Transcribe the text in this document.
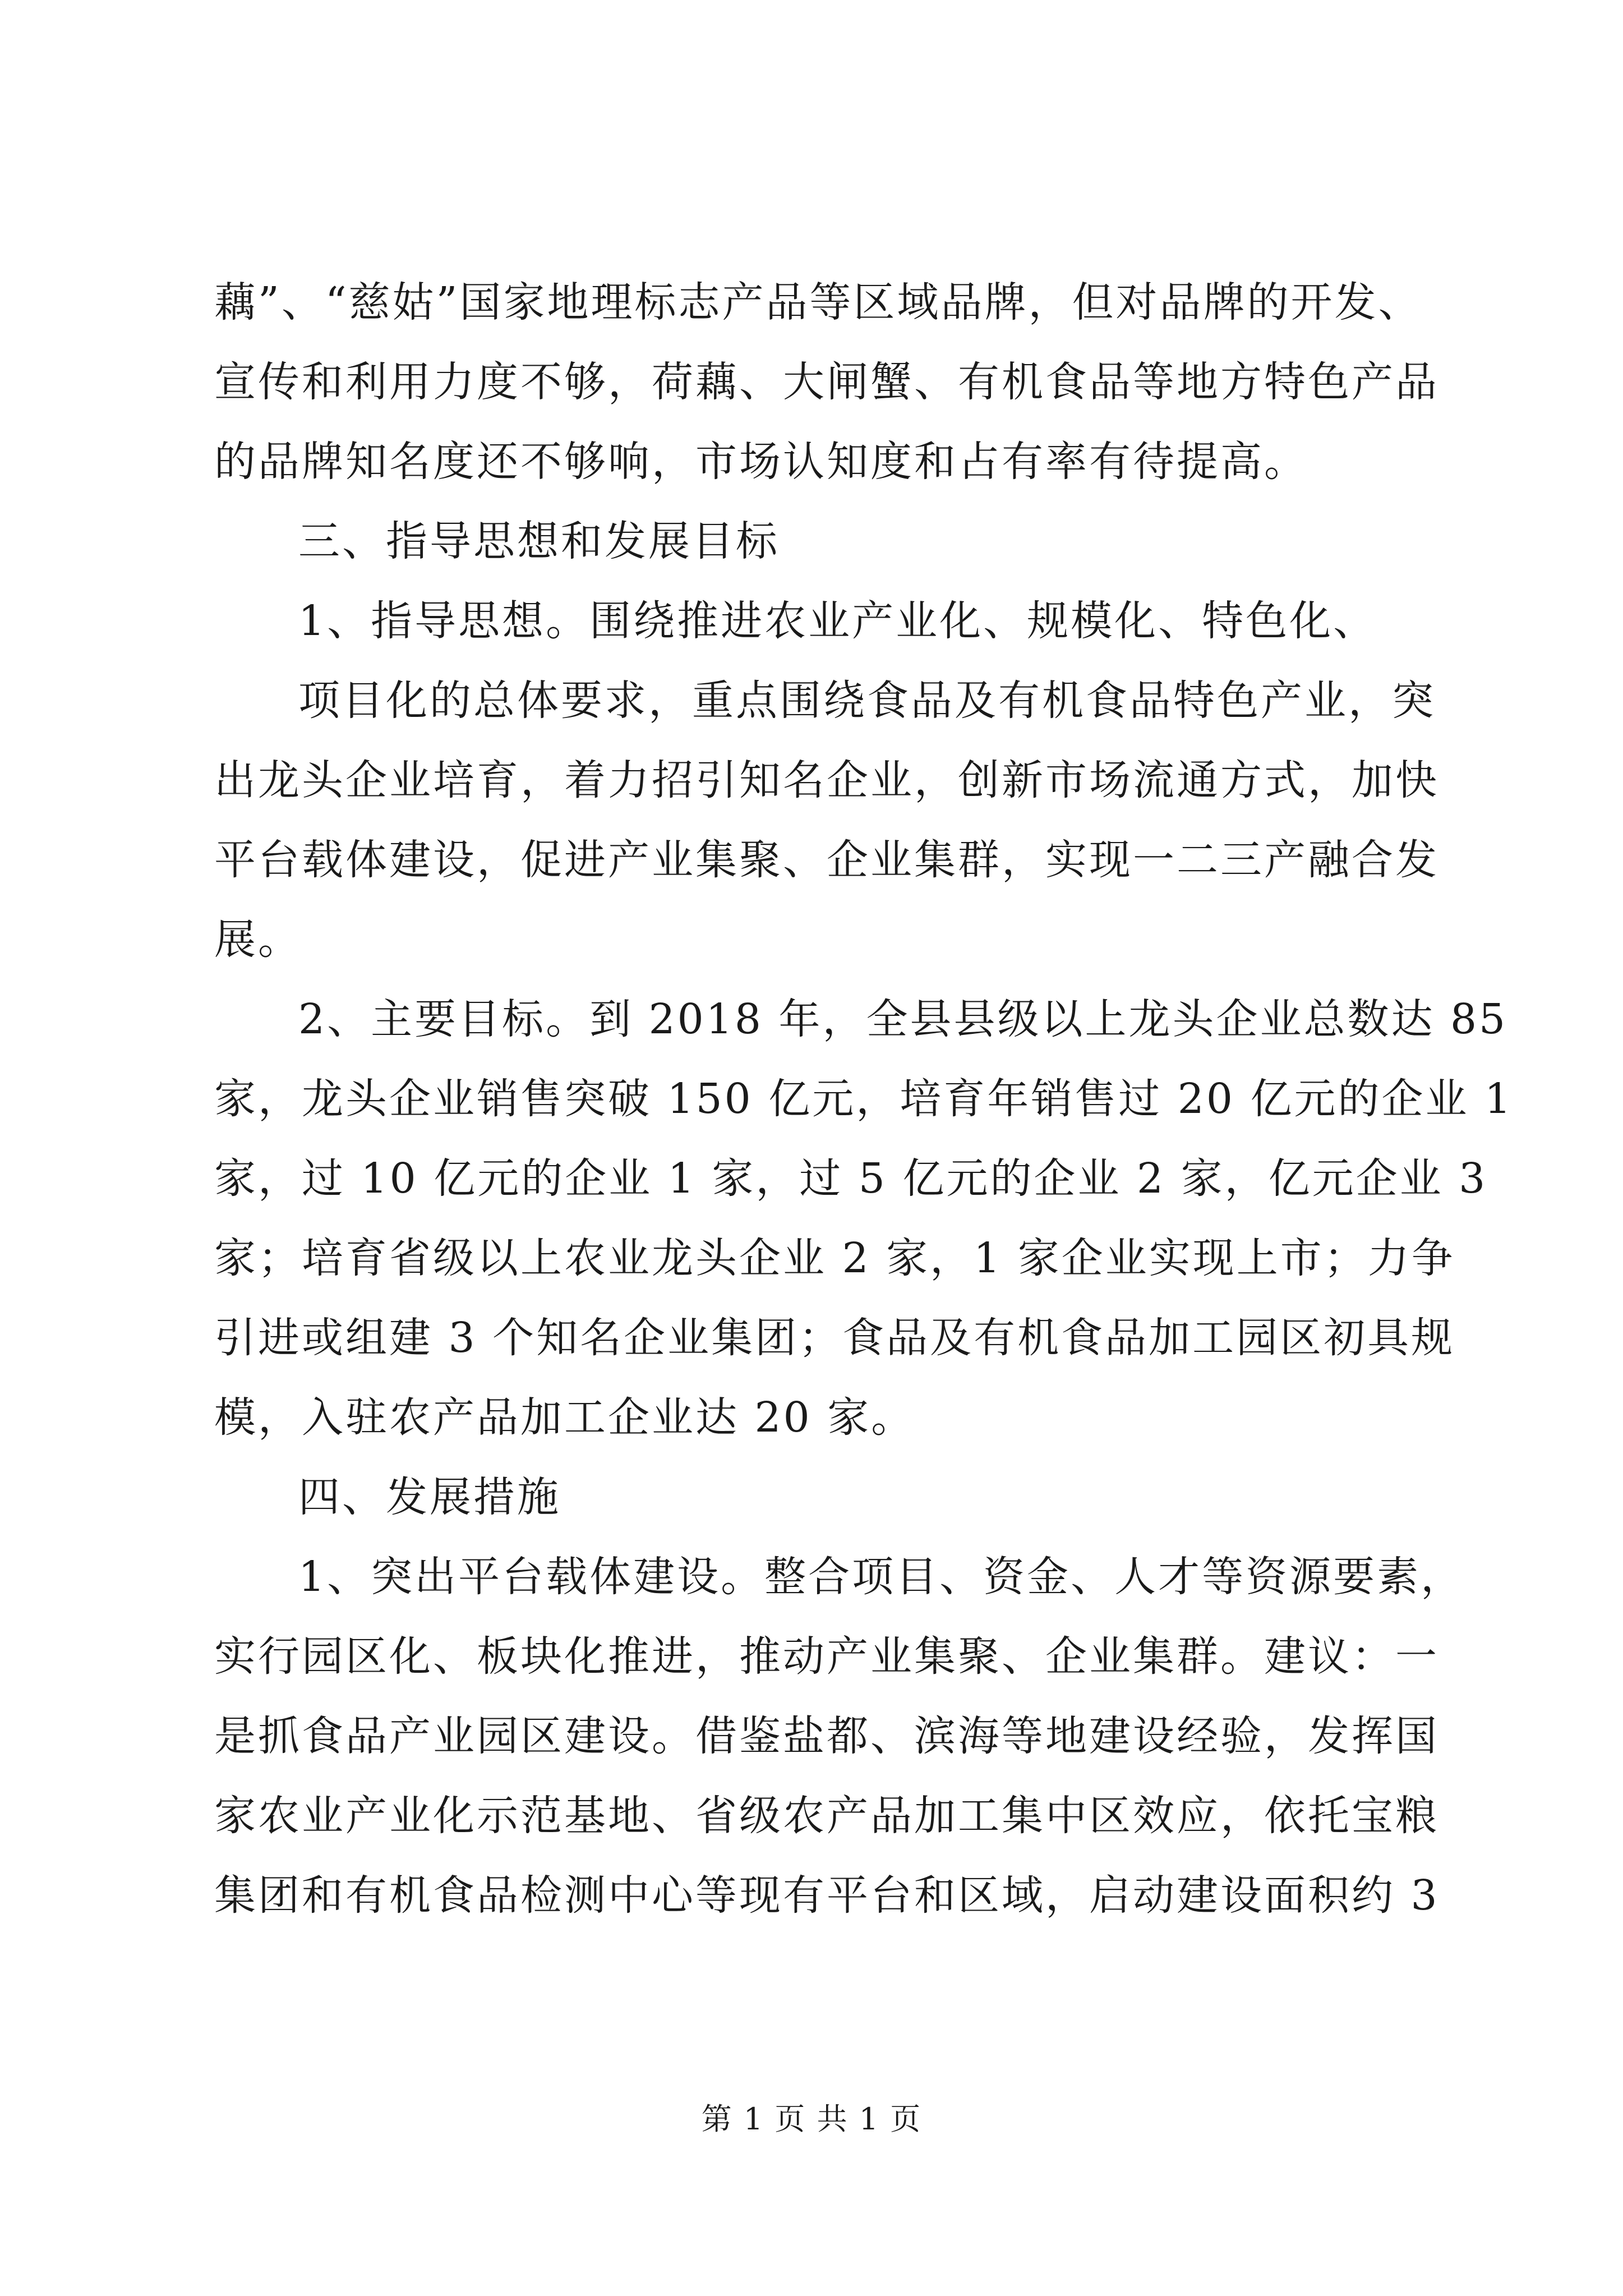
藕”、“慈姑”国家地理标志产品等区域品牌，但对品牌的开发、
宣传和利用力度不够，荷藕、大闸蟹、有机食品等地方特色产品
的品牌知名度还不够响，市场认知度和占有率有待提高。
三、指导思想和发展目标
1、指导思想。围绕推进农业产业化、规模化、特色化、
项目化的总体要求，重点围绕食品及有机食品特色产业，突
出龙头企业培育，着力招引知名企业，创新市场流通方式，加快
平台载体建设，促进产业集聚、企业集群，实现一二三产融合发
展。
2、主要目标。到 2018 年，全县县级以上龙头企业总数达 85
家，龙头企业销售突破 150 亿元，培育年销售过 20 亿元的企业 1
家，过 10 亿元的企业 1 家，过 5 亿元的企业 2 家，亿元企业 3
家；培育省级以上农业龙头企业 2 家，1 家企业实现上市；力争
引进或组建 3 个知名企业集团；食品及有机食品加工园区初具规
模，入驻农产品加工企业达 20 家。
四、发展措施
1、突出平台载体建设。整合项目、资金、人才等资源要素，
实行园区化、板块化推进，推动产业集聚、企业集群。建议：一
是抓食品产业园区建设。借鉴盐都、滨海等地建设经验，发挥国
家农业产业化示范基地、省级农产品加工集中区效应，依托宝粮
集团和有机食品检测中心等现有平台和区域，启动建设面积约 3
第 1 页 共 1 页
